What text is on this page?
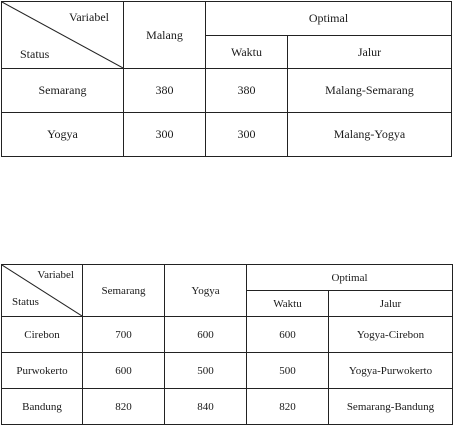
Variabel
Status	Malang	Optimal	
		Waktu	Jalur
Semarang	380	380	Malang-Semarang
Yogya	300	300	Malang-Yogya
Variabel
Status	Semarang	Yogya	Optimal	
			Waktu	Jalur
Cirebon	700	600	600	Yogya-Cirebon
Purwokerto	600	500	500	Yogya-Purwokerto
Bandung	820	840	820	Semarang-Bandung
